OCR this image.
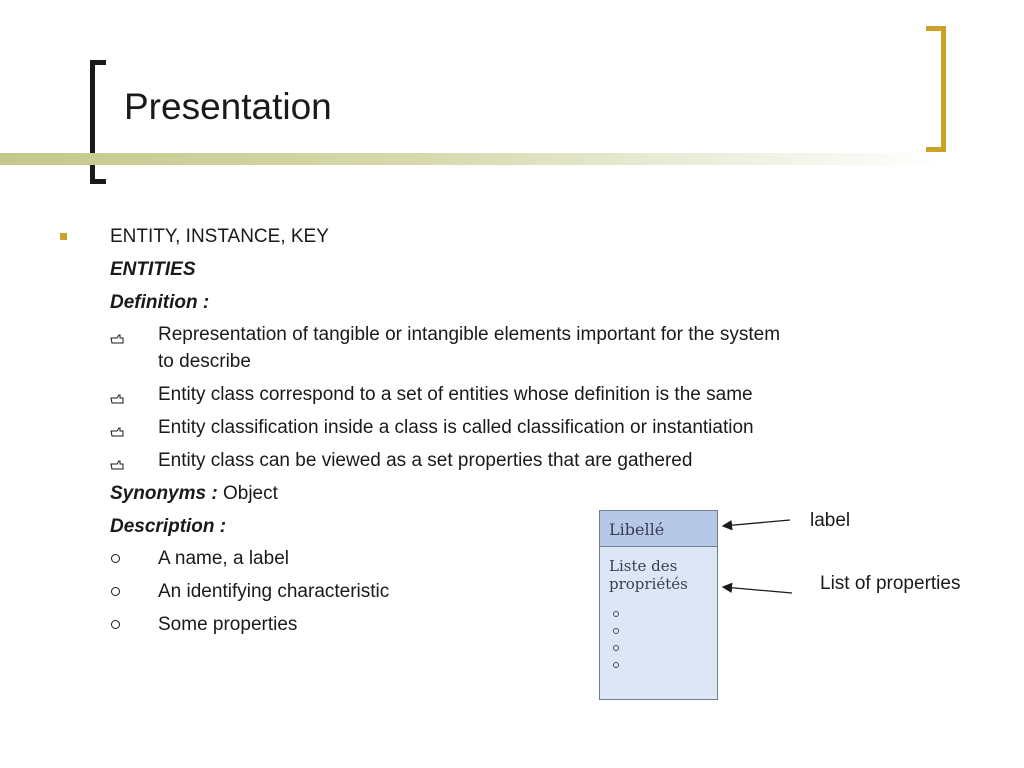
Presentation
ENTITY, INSTANCE, KEY
ENTITIES
Definition :
Representation of tangible or intangible elements important for the system
to describe
Entity class correspond to a set of entities whose definition is the same
Entity classification inside a class is called classification or instantiation
Entity class can be viewed as a set properties that are gathered
Synonyms : Object
Description :
A name, a label
An identifying characteristic
Some properties
Libellé
Liste des
propriétés
label
List of properties
